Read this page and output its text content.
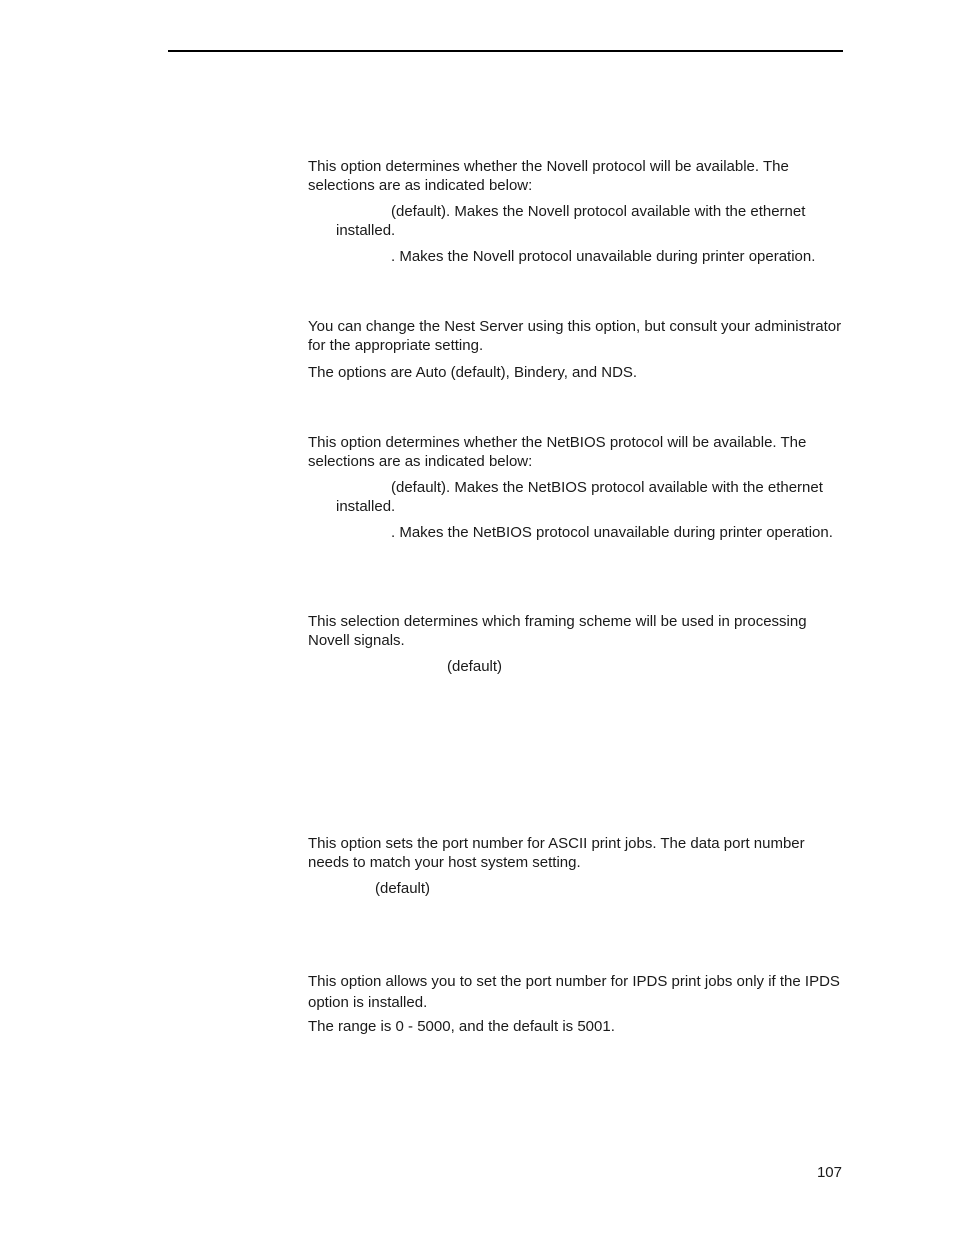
This option determines whether the Novell protocol will be available. The selections are as indicated below:

(default). Makes the Novell protocol available with the ethernet installed.

. Makes the Novell protocol unavailable during printer operation.

You can change the Nest Server using this option, but consult your administrator for the appropriate setting.

The options are Auto (default), Bindery, and NDS.

This option determines whether the NetBIOS protocol will be available. The selections are as indicated below:

(default). Makes the NetBIOS protocol available with the ethernet installed.

. Makes the NetBIOS protocol unavailable during printer operation.

This selection determines which framing scheme will be used in processing Novell signals.

(default)

This option sets the port number for ASCII print jobs. The data port number needs to match your host system setting.

(default)

This option allows you to set the port number for IPDS print jobs only if the IPDS option is installed.

The range is 0 - 5000, and the default is 5001.

107
